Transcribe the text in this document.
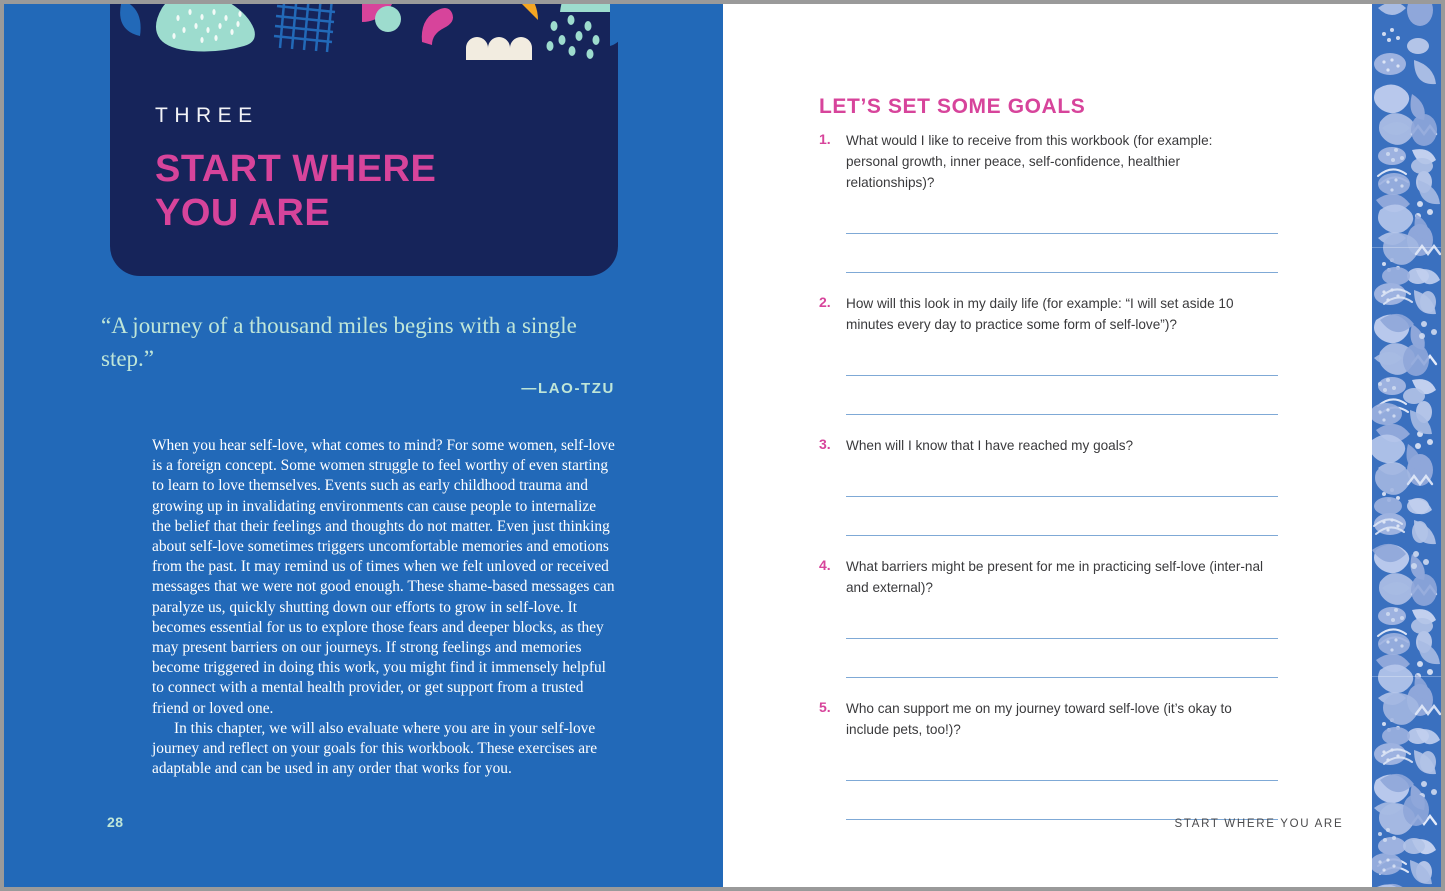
THREE
START WHERE
YOU ARE
“A journey of a thousand miles begins with a single step.”
—LAO-TZU

When you hear self-love, what comes to mind? For some women, self-love is a foreign concept. Some women struggle to feel worthy of even starting to learn to love themselves. Events such as early childhood trauma and growing up in invalidating environments can cause people to internalize the belief that their feelings and thoughts do not matter. Even just thinking about self-love sometimes triggers uncomfortable memories and emotions from the past. It may remind us of times when we felt unloved or received messages that we were not good enough. These shame-based messages can paralyze us, quickly shutting down our efforts to grow in self-love. It becomes essential for us to explore those fears and deeper blocks, as they may present barriers on our journeys. If strong feelings and memories become triggered in doing this work, you might find it immensely helpful to connect with a mental health provider, or get support from a trusted friend or loved one.

In this chapter, we will also evaluate where you are in your self-love journey and reflect on your goals for this workbook. These exercises are adaptable and can be used in any order that works for you.

28
LET’S SET SOME GOALS
1.	What would I like to receive from this workbook (for example: personal growth, inner peace, self-confidence, healthier relationships)?
2.	How will this look in my daily life (for example: “I will set aside 10 minutes every day to practice some form of self-love”)?
3.	When will I know that I have reached my goals?
4.	What barriers might be present for me in practicing self-love (inter-nal and external)?
5.	Who can support me on my journey toward self-love (it’s okay to include pets, too!)?
START WHERE YOU ARE
